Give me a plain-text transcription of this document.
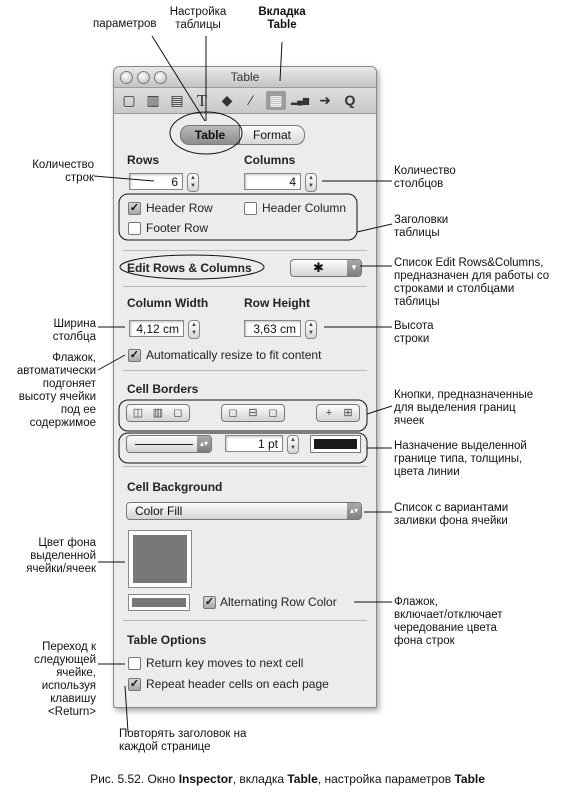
Table
▢ ▥ ▤ T	◆	⁄	▦	▂▄▆ ➜ Q
Table	Format
Rows
6	▲
▼
Columns
4	▲
▼
✓ Header Row	Header Column
Footer Row
Edit Rows & Columns	✱	▼
Column Width
4,12 cm	▲
▼
Row Height
3,63 cm	▲
▼
✓ Automatically resize to fit content
Cell Borders
◫ ▥ ◻	◻ ⊟ ◻	+	⊞
▴▾	1 pt	▲
▼
Cell Background
Color Fill	▴▾
✓ Alternating Row Color
Table Options
Return key moves to next cell
✓ Repeat header cells on each page
параметров
Настройка таблицы
Вкладка
Table
Количество
строк
Количество
столбцов
Заголовки
таблицы
Список Edit Rows&Columns,
предназначен для работы со
строками и столбцами
таблицы
Ширина
столбца
Высота
строки
Флажок,
автоматически
подгоняет
высоту ячейки
под ее
содержимое
Кнопки, предназначенные
для выделения границ
ячеек
Назначение выделенной
границе типа, толщины,
цвета линии
Список с вариантами
заливки фона ячейки
Цвет фона
выделенной
ячейки/ячеек
Флажок,
включает/отключает
чередование цвета
фона строк
Переход к
следующей
ячейке,
используя
клавишу
<Return>
Повторять заголовок на
каждой странице
Рис. 5.52. Окно Inspector, вкладка Table, настройка параметров Table
